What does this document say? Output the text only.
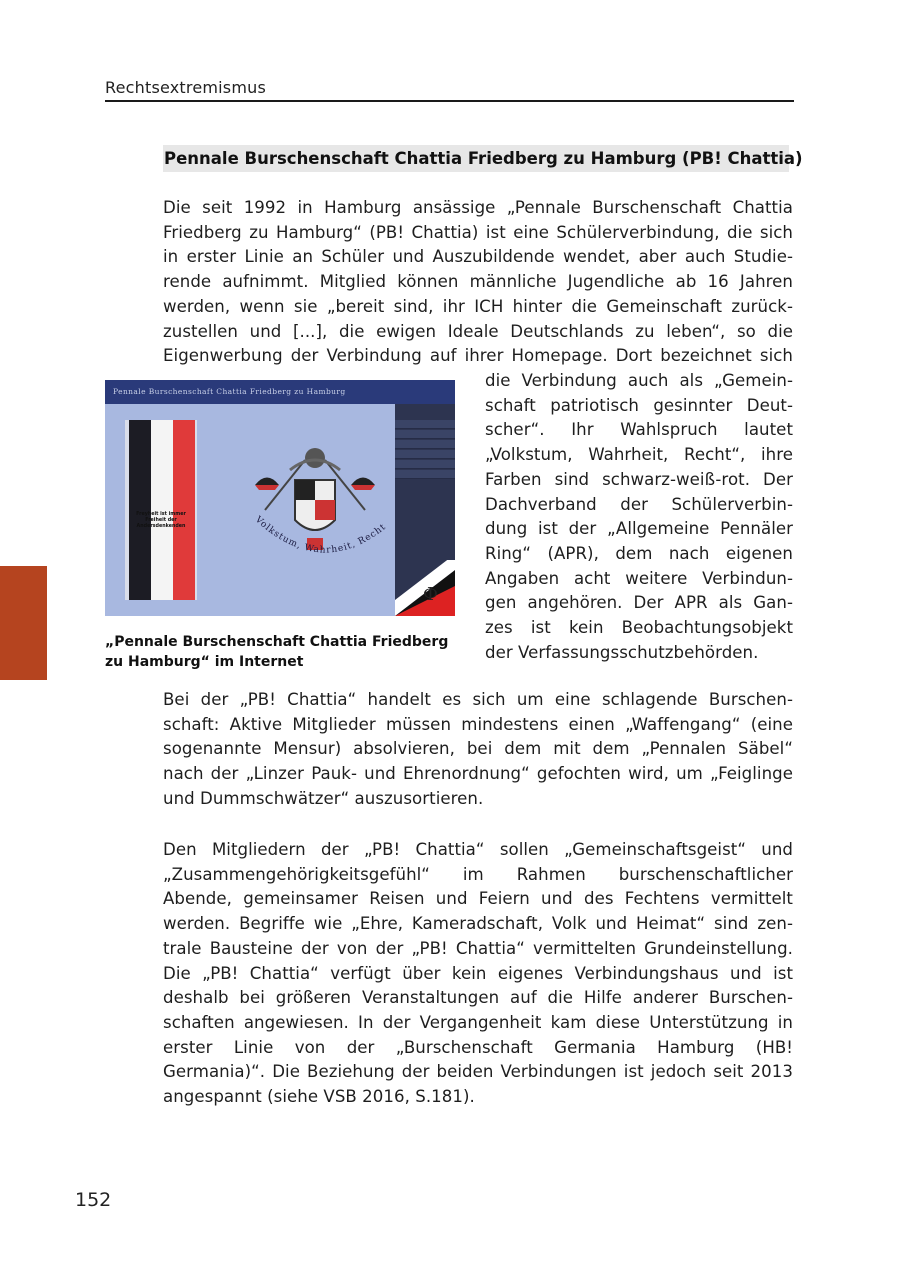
Rechtsextremismus
Pennale Burschenschaft Chattia Friedberg zu Hamburg (PB! Chattia)
Die seit 1992 in Hamburg ansässige „Pennale Burschenschaft Chattia
Friedberg zu Hamburg“ (PB! Chattia) ist eine Schülerverbindung, die sich
in erster Linie an Schüler und Auszubildende wendet, aber auch Studie-
rende aufnimmt. Mitglied können männliche Jugendliche ab 16 Jahren
werden, wenn sie „bereit sind, ihr ICH hinter die Gemeinschaft zurück-
zustellen und [...], die ewigen Ideale Deutschlands zu leben“, so die
Eigenwerbung der Verbindung auf ihrer Homepage. Dort bezeichnet sich
die Verbindung auch als „Gemein-
schaft patriotisch gesinnter Deut-
scher“. Ihr Wahlspruch lautet
„Volkstum, Wahrheit, Recht“, ihre
Farben sind schwarz-weiß-rot. Der
Dachverband der Schülerverbin-
dung ist der „Allgemeine Pennäler
Ring“ (APR), dem nach eigenen
Angaben acht weitere Verbindun-
gen angehören. Der APR als Gan-
zes ist kein Beobachtungsobjekt
der Verfassungsschutzbehörden.
Pennale Burschenschaft Chattia Friedberg zu Hamburg
Freyheit ist immer Freiheit der Andersdenkenden	Volkstum, Wahrheit, Recht
Ф
„Pennale Burschenschaft Chattia Friedberg
zu Hamburg“ im Internet
Bei der „PB! Chattia“ handelt es sich um eine schlagende Burschen-
schaft: Aktive Mitglieder müssen mindestens einen „Waffengang“ (eine
sogenannte Mensur) absolvieren, bei dem mit dem „Pennalen Säbel“
nach der „Linzer Pauk- und Ehrenordnung“ gefochten wird, um „Feiglinge
und Dummschwätzer“ auszusortieren.
Den Mitgliedern der „PB! Chattia“ sollen „Gemeinschaftsgeist“ und
„Zusammengehörigkeitsgefühl“ im Rahmen burschenschaftlicher
Abende, gemeinsamer Reisen und Feiern und des Fechtens vermittelt
werden. Begriffe wie „Ehre, Kameradschaft, Volk und Heimat“ sind zen-
trale Bausteine der von der „PB! Chattia“ vermittelten Grundeinstellung.
Die „PB! Chattia“ verfügt über kein eigenes Verbindungshaus und ist
deshalb bei größeren Veranstaltungen auf die Hilfe anderer Burschen-
schaften angewiesen. In der Vergangenheit kam diese Unterstützung in
erster Linie von der „Burschenschaft Germania Hamburg (HB!
Germania)“. Die Beziehung der beiden Verbindungen ist jedoch seit 2013
angespannt (siehe VSB 2016, S.181).
152
